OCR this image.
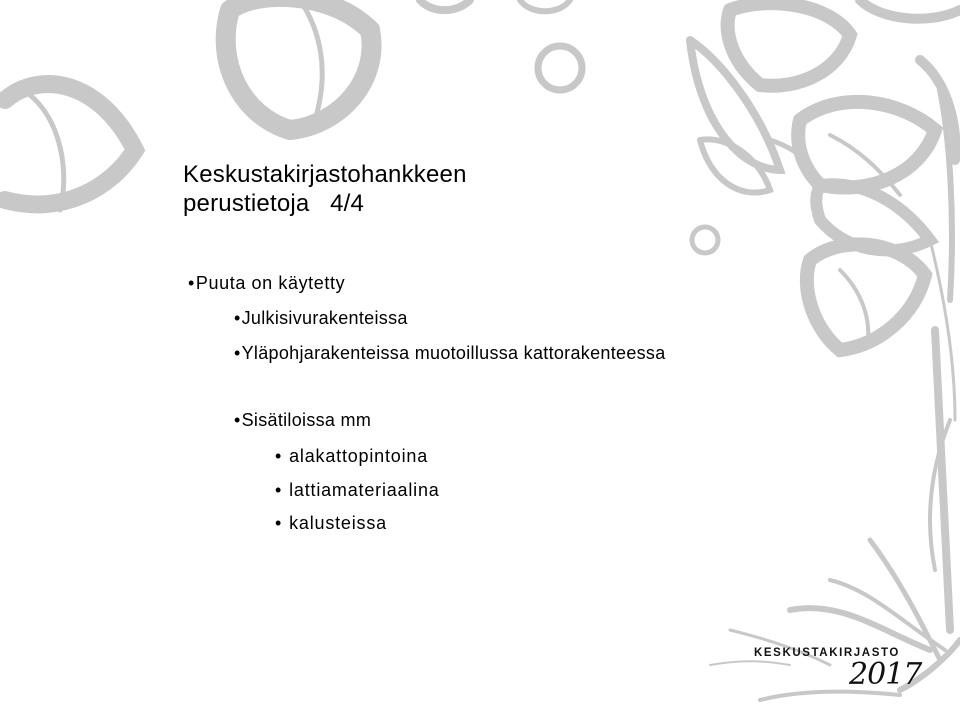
Keskustakirjastohankkeen
perustietoja   4/4
•Puuta on käytetty
•Julkisivurakenteissa
•Yläpohjarakenteissa muotoillussa kattorakenteessa
•Sisätiloissa mm
• alakattopintoina
• lattiamateriaalina
• kalusteissa
KESKUSTAKIRJASTO
2017
